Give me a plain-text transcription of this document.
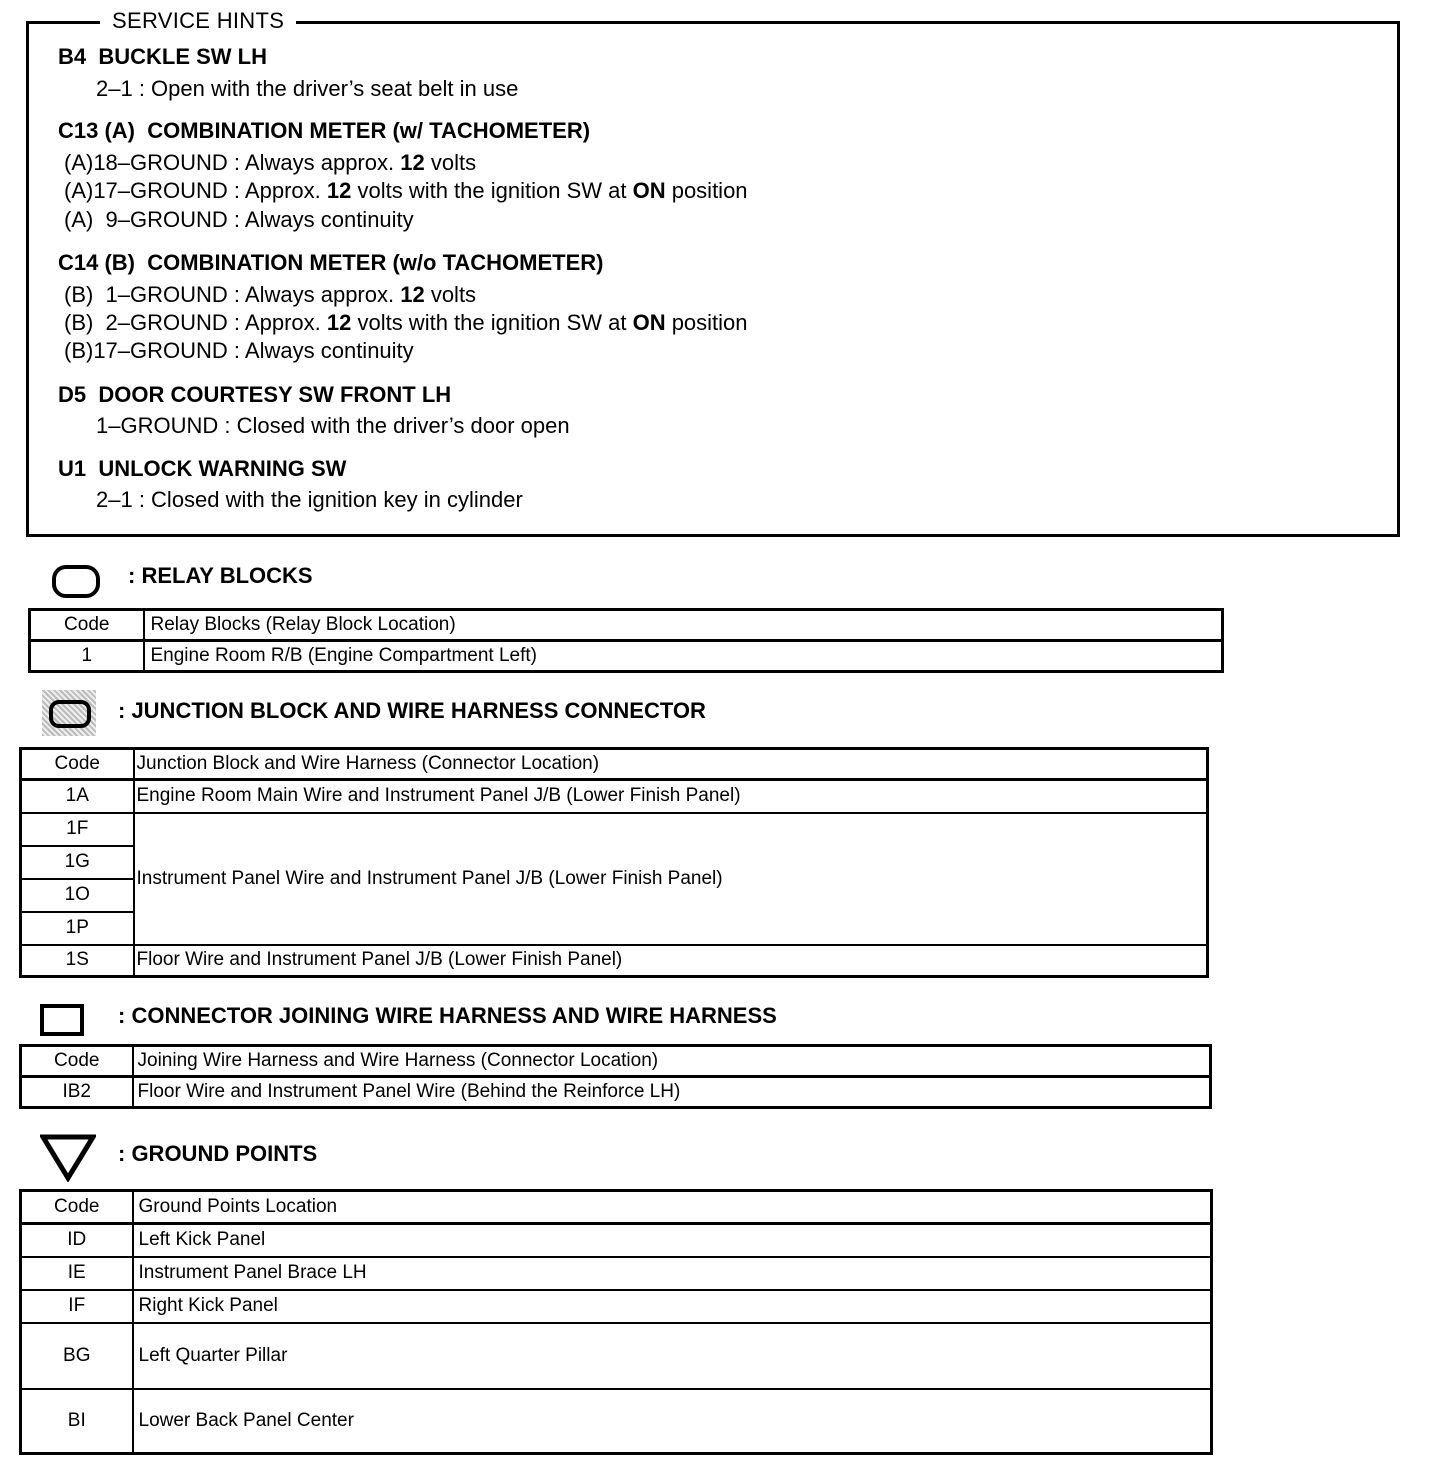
SERVICE HINTS
B4  BUCKLE SW LH
2–1 : Open with the driver’s seat belt in use
C13 (A)  COMBINATION METER (w/ TACHOMETER)
(A)18–GROUND : Always approx. 12 volts
(A)17–GROUND : Approx. 12 volts with the ignition SW at ON position
(A)  9–GROUND : Always continuity
C14 (B)  COMBINATION METER (w/o TACHOMETER)
(B)  1–GROUND : Always approx. 12 volts
(B)  2–GROUND : Approx. 12 volts with the ignition SW at ON position
(B)17–GROUND : Always continuity
D5  DOOR COURTESY SW FRONT LH
1–GROUND : Closed with the driver’s door open
U1  UNLOCK WARNING SW
2–1 : Closed with the ignition key in cylinder
: RELAY BLOCKS
Code	Relay Blocks (Relay Block Location)
1	Engine Room R/B (Engine Compartment Left)
: JUNCTION BLOCK AND WIRE HARNESS CONNECTOR
Code	Junction Block and Wire Harness (Connector Location)
1A	Engine Room Main Wire and Instrument Panel J/B (Lower Finish Panel)
1F	Instrument Panel Wire and Instrument Panel J/B (Lower Finish Panel)
1G	
1O	
1P	
1S	Floor Wire and Instrument Panel J/B (Lower Finish Panel)
: CONNECTOR JOINING WIRE HARNESS AND WIRE HARNESS
Code	Joining Wire Harness and Wire Harness (Connector Location)
IB2	Floor Wire and Instrument Panel Wire (Behind the Reinforce LH)
: GROUND POINTS
Code	Ground Points Location
ID	Left Kick Panel
IE	Instrument Panel Brace LH
IF	Right Kick Panel
BG	Left Quarter Pillar
BI	Lower Back Panel Center
